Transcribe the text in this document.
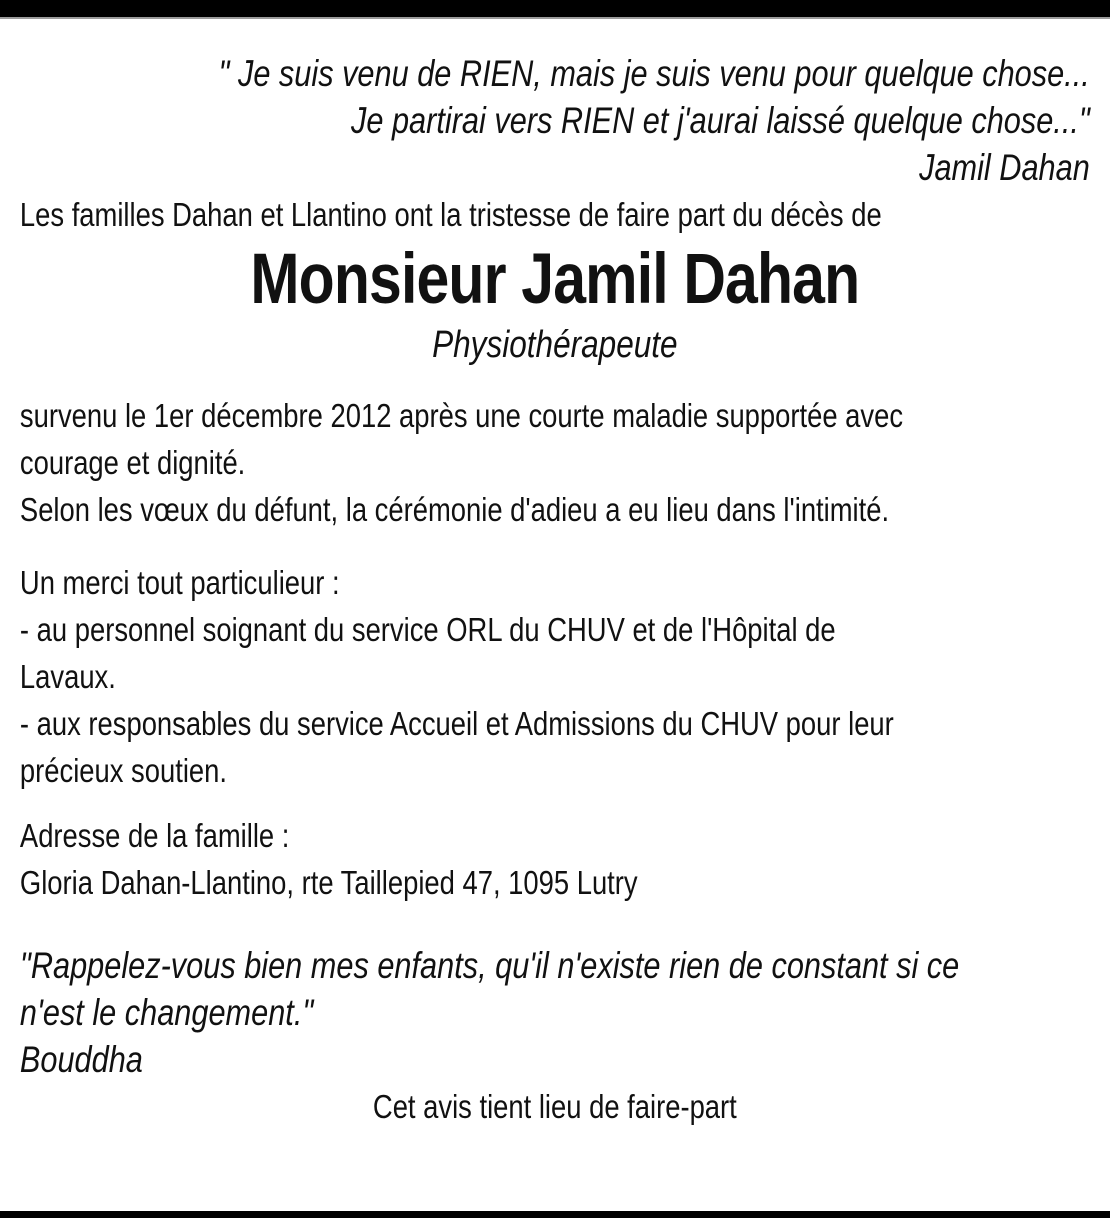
" Je suis venu de RIEN, mais je suis venu pour quelque chose...

Je partirai vers RIEN et j'aurai laissé quelque chose..."

Jamil Dahan

Les familles Dahan et Llantino ont la tristesse de faire part du décès de

Monsieur Jamil Dahan

Physiothérapeute

survenu le 1er décembre 2012 après une courte maladie supportée avec

courage et dignité.

Selon les vœux du défunt, la cérémonie d'adieu a eu lieu dans l'intimité.

Un merci tout particulieur :

- au personnel soignant du service ORL du CHUV et de l'Hôpital de

Lavaux.

- aux responsables du service Accueil et Admissions du CHUV pour leur

précieux soutien.

Adresse de la famille :

Gloria Dahan-Llantino, rte Taillepied 47, 1095 Lutry

"Rappelez-vous bien mes enfants, qu'il n'existe rien de constant si ce

n'est le changement."

Bouddha

Cet avis tient lieu de faire-part
